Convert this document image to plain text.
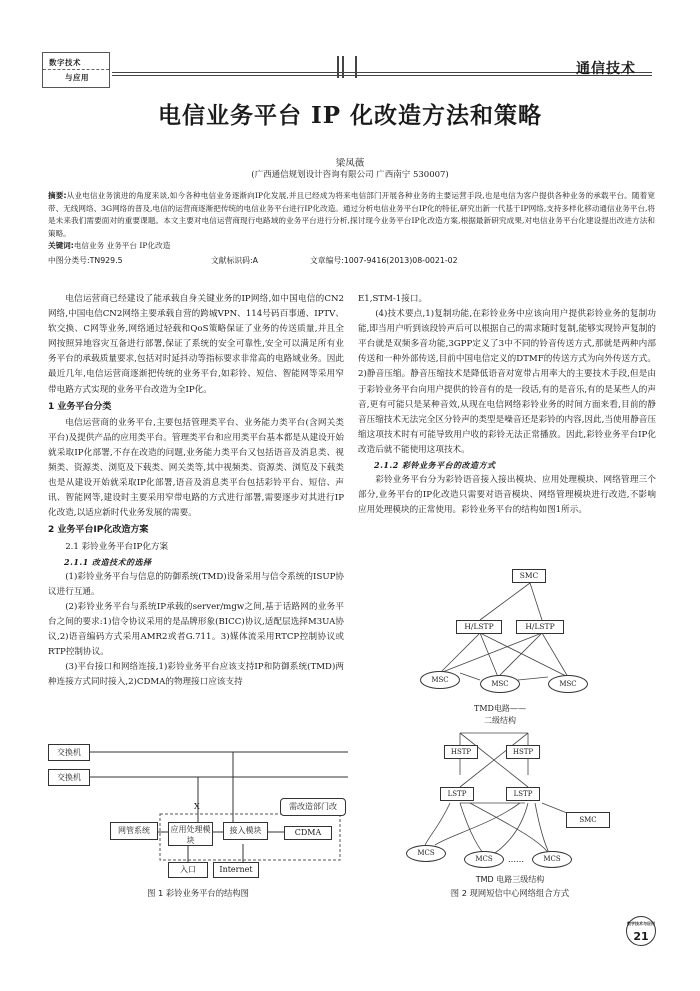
数字技术
与应用
通信技术
电信业务平台 IP 化改造方法和策略
梁凤薇
(广西通信规划设计咨询有限公司 广西南宁 530007)
摘要:从业电信业务演进的角度来谈,如今各种电信业务逐渐向IP化发展,并且已经成为将来电信部门开展各种业务的主要运营手段,也是电信为客户提供各种业务的承载平台。随着宽带、无线网络、3G网络的普及,电信的运营商逐渐把传统的电信业务平台进行IP化改造。通过分析电信业务平台IP化的特征,研究出新一代基于IP网络,支持多样化移动通信业务平台,将是未来我们需要面对的重要课题。本文主要对电信运营商现行电路域的业务平台进行分析,探讨现今业务平台IP化改造方案,根据最新研究成果,对电信业务平台化建设提出改进方法和策略。
关键词:电信业务 业务平台 IP化改造
中图分类号:TN929.5	文献标识码:A	文章编号:1007-9416(2013)08-0021-02

电信运营商已经建设了能承载自身关键业务的IP网络,如中国电信的CN2网络,中国电信CN2网络主要承载自营的跨城VPN、114号码百事通、IPTV、软交换、C网等业务,网络通过轻载和QoS策略保证了业务的传送质量,并且全网按照异地容灾互备进行部署,保证了系统的安全可靠性,安全可以满足所有业务平台的承载质量要求,包括对时延抖动等指标要求非常高的电路域业务。因此最近几年,电信运营商逐渐把传统的业务平台,如彩铃、短信、智能网等采用窄带电路方式实现的业务平台改造为全IP化。

1 业务平台分类

电信运营商的业务平台,主要包括管理类平台、业务能力类平台(含网关类平台)及提供产品的应用类平台。管理类平台和应用类平台基本都是从建设开始就采取IP化部署,不存在改造的问题,业务能力类平台又包括语音及消息类、视频类、资源类、浏览及下载类、网关类等,其中视频类、资源类、浏览及下载类也是从建设开始就采取IP化部署,语音及消息类平台包括彩铃平台、短信、声讯、智能网等,建设时主要采用窄带电路的方式进行部署,需要逐步对其进行IP化改造,以适应新时代业务发展的需要。

2 业务平台IP化改造方案
2.1 彩铃业务平台IP化方案
2.1.1 改造技术的选择

(1)彩铃业务平台与信息的防御系统(TMD)设备采用与信令系统的ISUP协议进行互通。

(2)彩铃业务平台与系统IP承载的server/mgw之间,基于话路网的业务平台之间的要求:1)信令协议采用的是品牌形象(BICC)协议,适配层选择M3UA协议,2)语音编码方式采用AMR2或者G.711。3)媒体流采用RTCP控制协议或RTP控制协议。

(3)平台接口和网络连接,1)彩铃业务平台应该支持IP和防御系统(TMD)两种连接方式同时接入,2)CDMA的物理接口应该支持

E1,STM-1接口。

(4)技术要点,1)复制功能,在彩铃业务中应该向用户提供彩铃业务的复制功能,即当用户听到该段铃声后可以根据自己的需求随时复制,能够实现铃声复制的平台就是双频多音功能,3GPP定义了3中不同的铃音传送方式,那就是两种内部传送和一种外部传送,目前中国电信定义的DTMF的传送方式为向外传送方式。2)静音压缩。静音压缩技术是降低语音对宽带占用率大的主要技术手段,但是由于彩铃业务平台向用户提供的铃音有的是一段话,有的是音乐,有的是某些人的声音,更有可能只是某种音效,从现在电信网络彩铃业务的时间方面来看,目前的静音压缩技术无法完全区分铃声的类型是噪音还是彩铃的内容,因此,当使用静音压缩这项技术时有可能导致用户收的彩铃无法正常播放。因此,彩铃业务平台IP化改造后就不能使用这项技术。

2.1.2 彩铃业务平台的改造方式

彩铃业务平台分为彩铃语音接入接出模块、应用处理模块、网络管理三个部分,业务平台的IP化改造只需要对语音模块、网络管理模块进行改造,不影响应用处理模块的正常使用。彩铃业务平台的结构如图1所示。

交换机
交换机
X	需改造部门改
网管系统	应用处理模块
接入模块	CDMA
入口	Internet
图 1 彩铃业务平台的结构图
SMC
H/LSTP	H/LSTP
MSC	MSC	MSC
TMD电路——
二级结构
HSTP	HSTP
LSTP	LSTP
SMC
MCS
MCS	……	MCS
TMD 电路三级结构
图 2 现网短信中心网络组合方式
数字技术与应用
21
